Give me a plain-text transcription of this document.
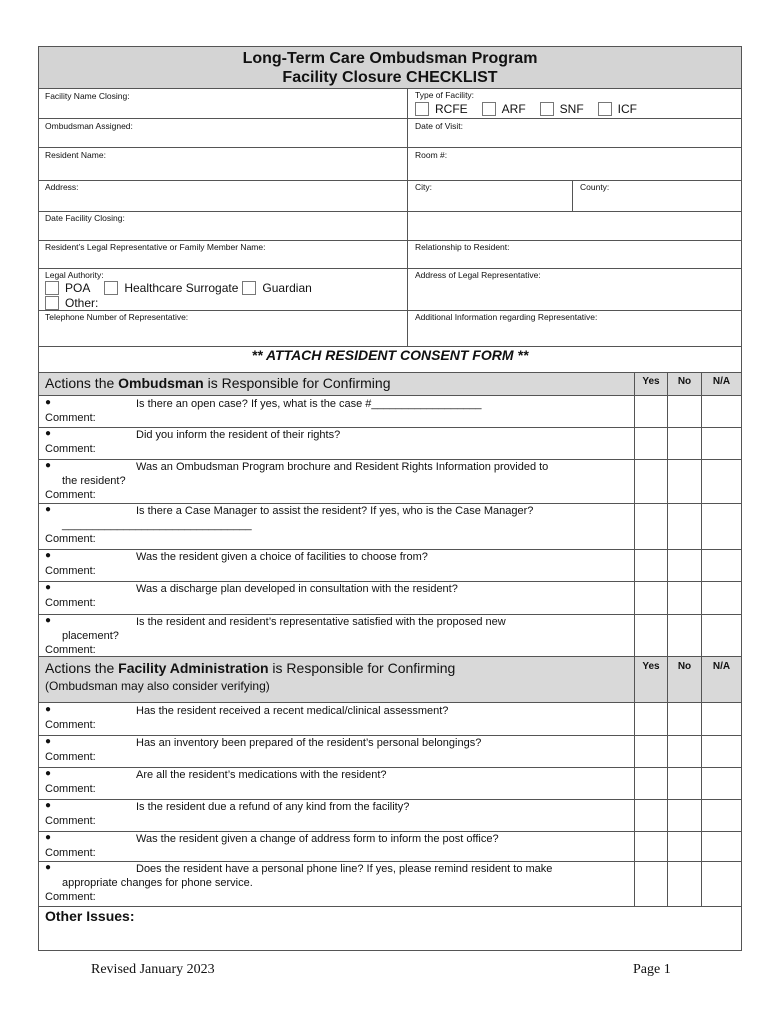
Long-Term Care Ombudsman Program
Facility Closure CHECKLIST
Facility Name Closing:	Type of Facility:
RCFE	ARF	SNF	ICF
Ombudsman Assigned:	Date of Visit:
Resident Name:	Room #:
Address:	City:	County:
Date Facility Closing:
Resident’s Legal Representative or Family Member Name:	Relationship to Resident:
Legal Authority:
POA	Healthcare Surrogate Guardian
Other:
Address of Legal Representative:
Telephone Number of Representative:	Additional Information regarding Representative:
** ATTACH RESIDENT CONSENT FORM **
Actions the Ombudsman is Responsible for Confirming	Yes	No	N/A
●	Is there an open case? If yes, what is the case #__________________
Comment:
●	Did you inform the resident of their rights?
Comment:
●	Was an Ombudsman Program brochure and Resident Rights Information provided to
the resident?
Comment:
●	Is there a Case Manager to assist the resident? If yes, who is the Case Manager?
_______________________________
Comment:
●	Was the resident given a choice of facilities to choose from?
Comment:
●	Was a discharge plan developed in consultation with the resident?
Comment:
●	Is the resident and resident’s representative satisfied with the proposed new
placement?
Comment:
Actions the Facility Administration is Responsible for Confirming
(Ombudsman may also consider verifying)
Yes	No	N/A
●	Has the resident received a recent medical/clinical assessment?
Comment:
●	Has an inventory been prepared of the resident’s personal belongings?
Comment:
●	Are all the resident’s medications with the resident?
Comment:
●	Is the resident due a refund of any kind from the facility?
Comment:
●	Was the resident given a change of address form to inform the post office?
Comment:
●	Does the resident have a personal phone line? If yes, please remind resident to make
appropriate changes for phone service.
Comment:
Other Issues:
Revised January 2023	Page 1
